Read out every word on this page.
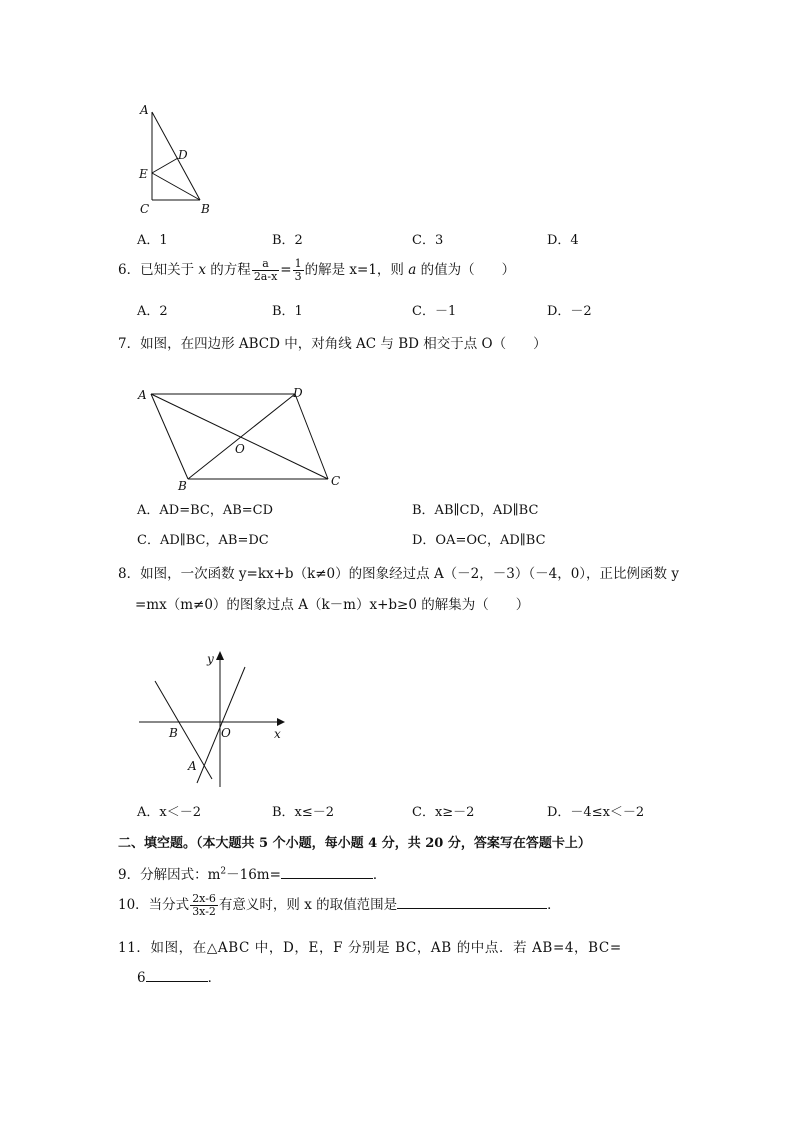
A
D
E
C	B
A．1	B．2	C．3	D．4
6．已知关于 x 的方程 $\frac{a}{2a-x} = \frac{1}{3}$ 的解是 x=1，则 a 的值为（　　）
A．2	B．1	C．－1	D．－2
7．如图，在四边形 ABCD 中，对角线 AC 与 BD 相交于点 O（　　）
A	D
O
B	C
A．AD=BC，AB=CD	B．AB∥CD，AD∥BC
C．AD∥BC，AB=DC	D．OA=OC，AD∥BC
8．如图，一次函数 y=kx+b（k≠0）的图象经过点 A（－2，－3）（－4，0），正比例函数 y
=mx（m≠0）的图象过点 A（k－m）x+b≥0 的解集为（　　）
y
x
B	O
A
A．x＜－2	B．x≤－2	C．x≥－2	D．－4≤x＜－2
二、填空题。（本大题共 5 个小题，每小题 4 分，共 20 分，答案写在答题卡上）
9．分解因式：$m^2-16m=$	．
10．当分式 $\frac{2x-6}{3x-2}$ 有意义时，则 x 的取值范围是	．
11．如图，在△ABC 中，D，E，F 分别是 BC，AB 的中点．若 AB=4，BC=
6	．
